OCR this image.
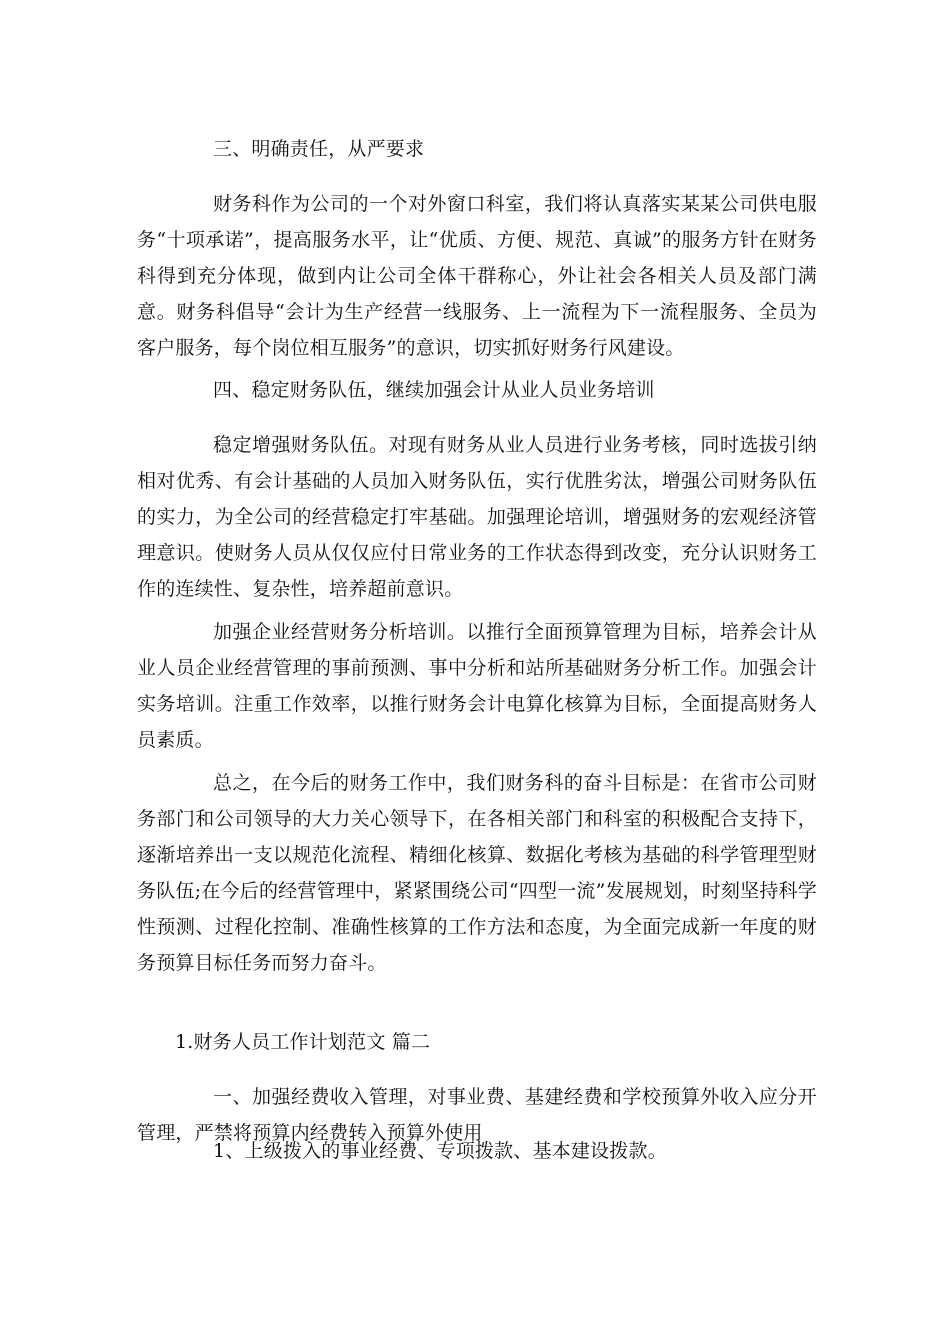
三、明确责任，从严要求

财务科作为公司的一个对外窗口科室，我们将认真落实某某公司供电服务“十项承诺”，提高服务水平，让“优质、方便、规范、真诚”的服务方针在财务科得到充分体现，做到内让公司全体干群称心，外让社会各相关人员及部门满意。财务科倡导“会计为生产经营一线服务、上一流程为下一流程服务、全员为客户服务，每个岗位相互服务”的意识，切实抓好财务行风建设。

四、稳定财务队伍，继续加强会计从业人员业务培训

稳定增强财务队伍。对现有财务从业人员进行业务考核，同时选拔引纳相对优秀、有会计基础的人员加入财务队伍，实行优胜劣汰，增强公司财务队伍的实力，为全公司的经营稳定打牢基础。加强理论培训，增强财务的宏观经济管理意识。使财务人员从仅仅应付日常业务的工作状态得到改变，充分认识财务工作的连续性、复杂性，培养超前意识。

加强企业经营财务分析培训。以推行全面预算管理为目标，培养会计从业人员企业经营管理的事前预测、事中分析和站所基础财务分析工作。加强会计实务培训。注重工作效率，以推行财务会计电算化核算为目标，全面提高财务人员素质。

总之，在今后的财务工作中，我们财务科的奋斗目标是：在省市公司财务部门和公司领导的大力关心领导下，在各相关部门和科室的积极配合支持下，逐渐培养出一支以规范化流程、精细化核算、数据化考核为基础的科学管理型财务队伍;在今后的经营管理中，紧紧围绕公司“四型一流”发展规划，时刻坚持科学性预测、过程化控制、准确性核算的工作方法和态度，为全面完成新一年度的财务预算目标任务而努力奋斗。

1.财务人员工作计划范文 篇二

一、加强经费收入管理，对事业费、基建经费和学校预算外收入应分开管理，严禁将预算内经费转入预算外使用

1、上级拨入的事业经费、专项拨款、基本建设拨款。
